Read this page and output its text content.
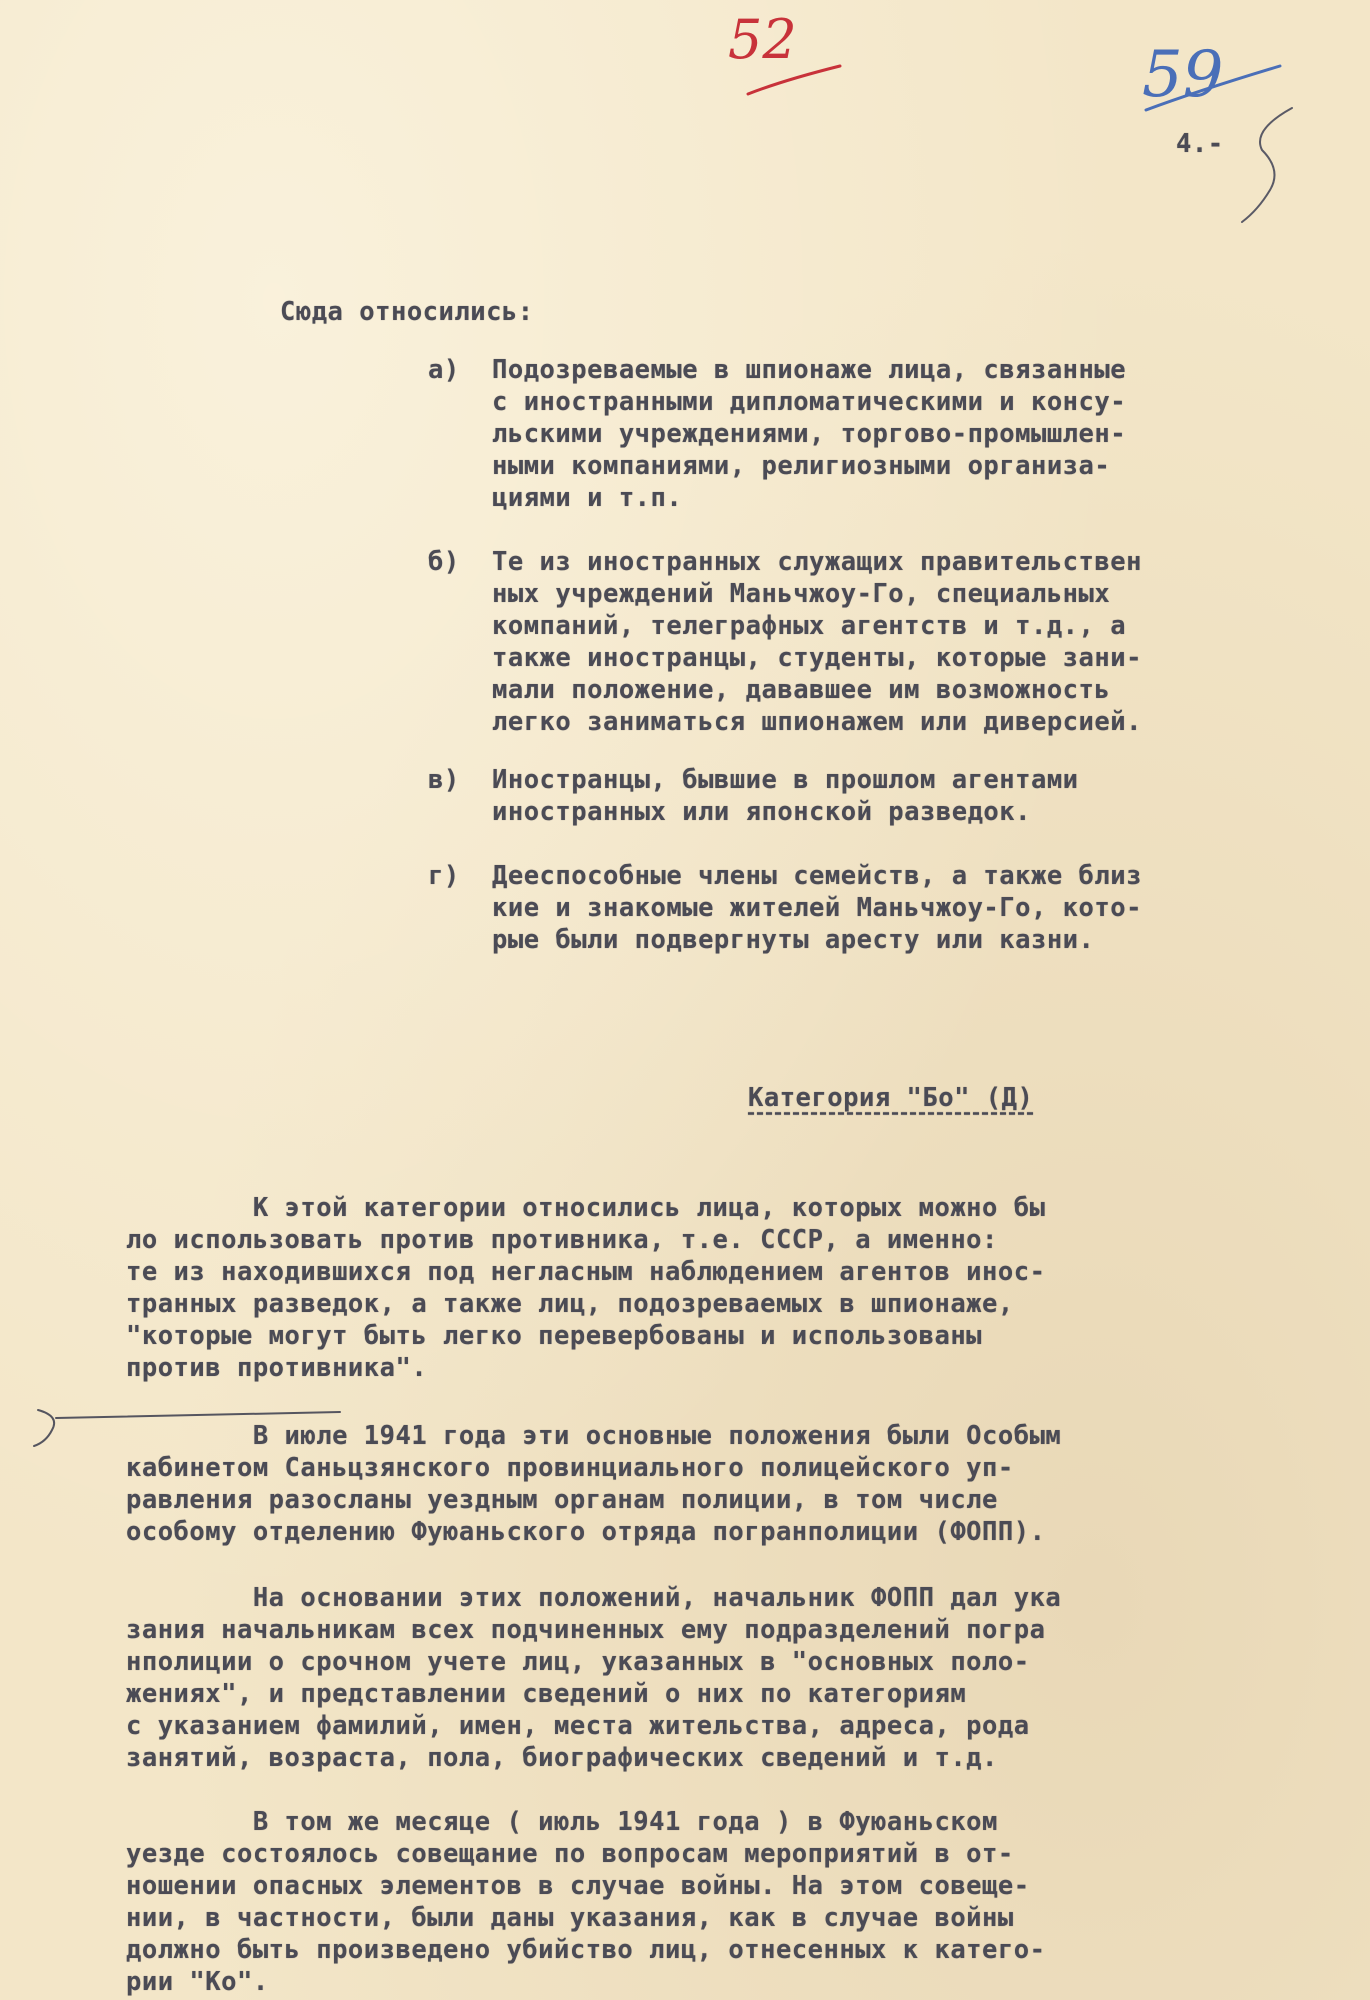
52	59
4.-

Сюда относились:

а) Подозреваемые в шпионаже лица, связанные
с иностранными дипломатическими и консу-
льскими учреждениями, торгово-промышлен-
ными компаниями, религиозными организа-
циями и т.п.

б) Те из иностранных служащих правительствен
ных учреждений Маньчжоу-Го, специальных
компаний, телеграфных агентств и т.д., а
также иностранцы, студенты, которые зани-
мали положение, дававшее им возможность
легко заниматься шпионажем или диверсией.

в) Иностранцы, бывшие в прошлом агентами
иностранных или японской разведок.

г) Дееспособные члены семейств, а также близ
кие и знакомые жителей Маньчжоу-Го, кото-
рые были подвергнуты аресту или казни.

Категория "Бо" (Д)

К этой категории относились лица, которых можно бы
ло использовать против противника, т.е. СССР, а именно:
те из находившихся под негласным наблюдением агентов инос-
транных разведок, а также лиц, подозреваемых в шпионаже,
"которые могут быть легко перевербованы и использованы
против противника".

В июле 1941 года эти основные положения были Особым
кабинетом Саньцзянского провинциального полицейского уп-
равления разосланы уездным органам полиции, в том числе
особому отделению Фуюаньского отряда погранполиции (ФОПП).

На основании этих положений, начальник ФОПП дал ука
зания начальникам всех подчиненных ему подразделений погра
нполиции о срочном учете лиц, указанных в "основных поло-
жениях", и представлении сведений о них по категориям
с указанием фамилий, имен, места жительства, адреса, рода
занятий, возраста, пола, биографических сведений и т.д.

В том же месяце ( июль 1941 года ) в Фуюаньском
уезде состоялось совещание по вопросам мероприятий в от-
ношении опасных элементов в случае войны. На этом совеще-
нии, в частности, были даны указания, как в случае войны
должно быть произведено убийство лиц, отнесенных к катего-
рии "Ко".
